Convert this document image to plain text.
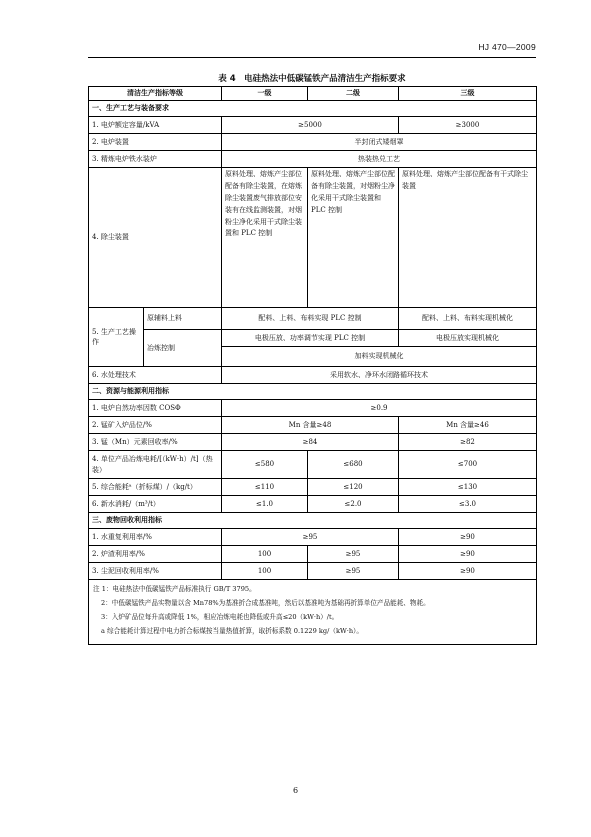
HJ 470—2009
表 4　电硅热法中低碳锰铁产品清洁生产指标要求
清洁生产指标等级		一级	二级	三级
一、生产工艺与装备要求				
1. 电炉额定容量/kVA		≥5000		≥3000
2. 电炉装置		半封闭式矮烟罩		
3. 精炼电炉铁水装炉		热装热兑工艺		
4. 除尘装置		原料处理、熔炼产尘部位配备有除尘装置，在熔炼除尘装置废气排放部位安装有在线监测装置，对烟粉尘净化采用干式除尘装置和 PLC 控制	原料处理、熔炼产尘部位配备有除尘装置，对烟粉尘净化采用干式除尘装置和 PLC 控制	原料处理、熔炼产尘部位配备有干式除尘装置
5. 生产工艺操作	原辅料上料	配料、上料、布料实现 PLC 控制		配料、上料、布料实现机械化
	冶炼控制	电极压放、功率调节实现 PLC 控制		电极压放实现机械化
		加料实现机械化		
6. 水处理技术		采用软水、净环水闭路循环技术		
二、资源与能源利用指标				
1. 电炉自然功率因数 COSΦ		≥0.9		
2. 锰矿入炉品位/%		Mn 含量≥48		Mn 含量≥46
3. 锰（Mn）元素回收率/%		≥84		≥82
4. 单位产品冶炼电耗/[（kW·h）/t]（热装）		≤580	≤680	≤700
5. 综合能耗ᵃ（折标煤）/（kg/t）		≤110	≤120	≤130
6. 新水消耗/（m³/t）		≤1.0	≤2.0	≤3.0
三、废物回收利用指标				
1. 水重复利用率/%		≥95		≥90
2. 炉渣利用率/%		100	≥95	≥90
3. 尘泥回收利用率/%		100	≥95	≥90

注 1：电硅热法中低碳锰铁产品标准执行 GB/T 3795。
2：中低碳锰铁产品实物量以含 Mn78%为基准折合成基准吨，然后以基准吨为基础再折算单位产品能耗、物耗。
3：入炉矿品位每升高或降低 1%，相应冶炼电耗也降低或升高≤20（kW·h）/t。
a 综合能耗计算过程中电力折合标煤按当量热值折算，取折标系数 0.1229 kg/（kW·h）。				
6
